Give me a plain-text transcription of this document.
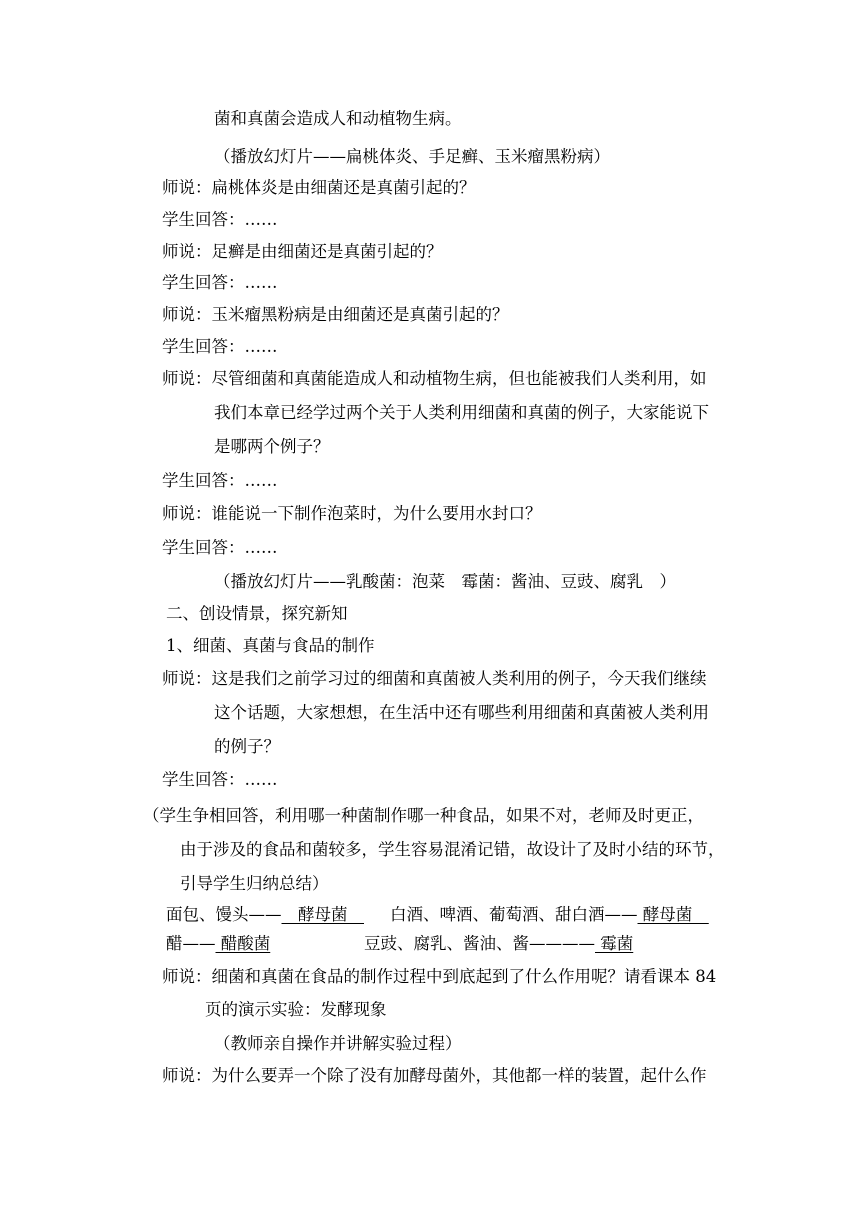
菌和真菌会造成人和动植物生病。
（播放幻灯片——扁桃体炎、手足癣、玉米瘤黑粉病）
师说：扁桃体炎是由细菌还是真菌引起的？
学生回答：……
师说：足癣是由细菌还是真菌引起的？
学生回答：……
师说：玉米瘤黑粉病是由细菌还是真菌引起的？
学生回答：……
师说：尽管细菌和真菌能造成人和动植物生病，但也能被我们人类利用，如
我们本章已经学过两个关于人类利用细菌和真菌的例子，大家能说下
是哪两个例子？
学生回答：……
师说：谁能说一下制作泡菜时，为什么要用水封口？
学生回答：……
（播放幻灯片——乳酸菌：泡菜　霉菌：酱油、豆豉、腐乳　）
二、创设情景，探究新知
1、细菌、真菌与食品的制作
师说：这是我们之前学习过的细菌和真菌被人类利用的例子，今天我们继续
这个话题，大家想想，在生活中还有哪些利用细菌和真菌被人类利用
的例子？
学生回答：……
（学生争相回答，利用哪一种菌制作哪一种食品，如果不对，老师及时更正，
由于涉及的食品和菌较多，学生容易混淆记错，故设计了及时小结的环节，
引导学生归纳总结）
面包、馒头——　酵母菌　 白酒、啤酒、葡萄酒、甜白酒—— 酵母菌　
醋—— 醋酸菌	豆豉、腐乳、酱油、酱———— 霉菌
师说：细菌和真菌在食品的制作过程中到底起到了什么作用呢？请看课本 84
页的演示实验：发酵现象
（教师亲自操作并讲解实验过程）
师说：为什么要弄一个除了没有加酵母菌外，其他都一样的装置，起什么作
